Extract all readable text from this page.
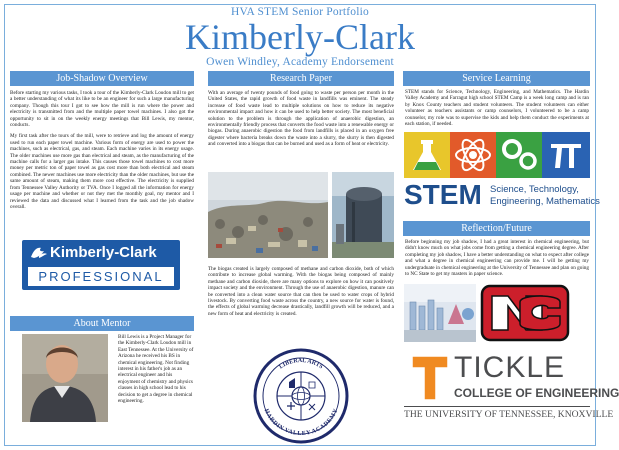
HVA STEM Senior Portfolio
Kimberly-Clark
Owen Windley, Academy Endorsement
Job-Shadow Overview

Before starting my various tasks, I took a tour of the Kimberly-Clark Loudon mill to get a better understanding of what its like to be an engineer for such a large manufacturing company. Though this tour I got to see how the mill is run where the power and electricity is transmitted from and the multiple paper towel machines. I also got the opportunity to sit in on the weekly energy meetings that Bill Lewis, my mentor, conducts.

My first task after the tours of the mill, were to retrieve and log the amount of energy used to run each paper towel machine. Various form of energy are used to power the machines, such as electrical, gas, and steam. Each machine varies in its energy usage. The older machines use more gas than electrical and steam, as the manufacturing of the machine calls for a larger gas intake. This causes those towel machines to cost more money per metric ton of paper towel as gas cost more than both electrical and steam combined. The newer machines use more electricity than the older machines, but use the same amount of steam, making them more cost effective. The electricity is supplied from Tennessee Valley Authority or TVA. Once I logged all the information for energy usage per machine and whether or not they met the monthly goal, my mentor and I reviewed the data and discussed what I learned from the task and the job shadow overall.

Kimberly-Clark
PROFESSIONAL
About Mentor
Bill Lewis is a Project Manager for the Kimberly-Clark Loudon mill in East Tennessee. At the University of Arizona he received his BS in chemical engineering. Not finding interest in his father's job as an electrical engineer and his enjoyment of chemistry and physics classes in high school lead to his decision to get a degree in chemical engineering.
Research Paper
With an average of twenty pounds of food going to waste per person per month in the United States, the rapid growth of food waste in landfills was eminent. The steady increase of food waste lead to multiple solutions on how to reduce its negative environmental impact and how it can be used to help better society. The most beneficial solution to the problem is through the application of anaerobic digestion, an environmentally friendly process that converts the food waste into a renewable energy or biogas. During anaerobic digestion the food from landfills is placed in an oxygen free digester where bacteria breaks down the waste into a slurry, the slurry is then digested and converted into a biogas that can be burned and used as a form of heat or electricity.
The biogas created is largely composed of methane and carbon dioxide, both of which contribute to increase global warming. With the biogas being composed of mainly methane and carbon dioxide, there are many options to explore on how it can positively impact society and the environment. Through the use of anaerobic digestion, manure can be converted into a clean water source that can then be used to water crops of hybrid livestock. By converting food waste across the country, a new source for water is found, the effects of global warming decrease drastically, landfill growth will be reduced, and a new form of heat and electricity is created.
LIBERAL ARTS
HARDIN VALLEY ACADEMY
Service Learning
STEM stands for Science, Technology, Engineering, and Mathematics. The Hardin Valley Academy and Farragut high school STEM Camp is a week long camp and is ran by Knox County teachers and student volunteers. The student volunteers can either volunteer as teachers assistants or camp counselors, I volunteered to be a camp counselor, my role was to supervise the kids and help them conduct the experiments at each station, if needed.
STEM Science, Technology,
Engineering, Mathematics
Reflection/Future
Before beginning my job shadow, I had a great interest in chemical engineering, but didn't know much on what jobs come from getting a chemical engineering degree. After completing my job shadow, I have a better understanding on what to expect after college and what a degree in chemical engineering can provide me. I will be getting my undergraduate in chemical engineering at the University of Tennessee and plan on going to NC State to get my masters in paper science.
TICKLE
COLLEGE OF ENGINEERING
THE UNIVERSITY OF TENNESSEE, KNOXVILLE
